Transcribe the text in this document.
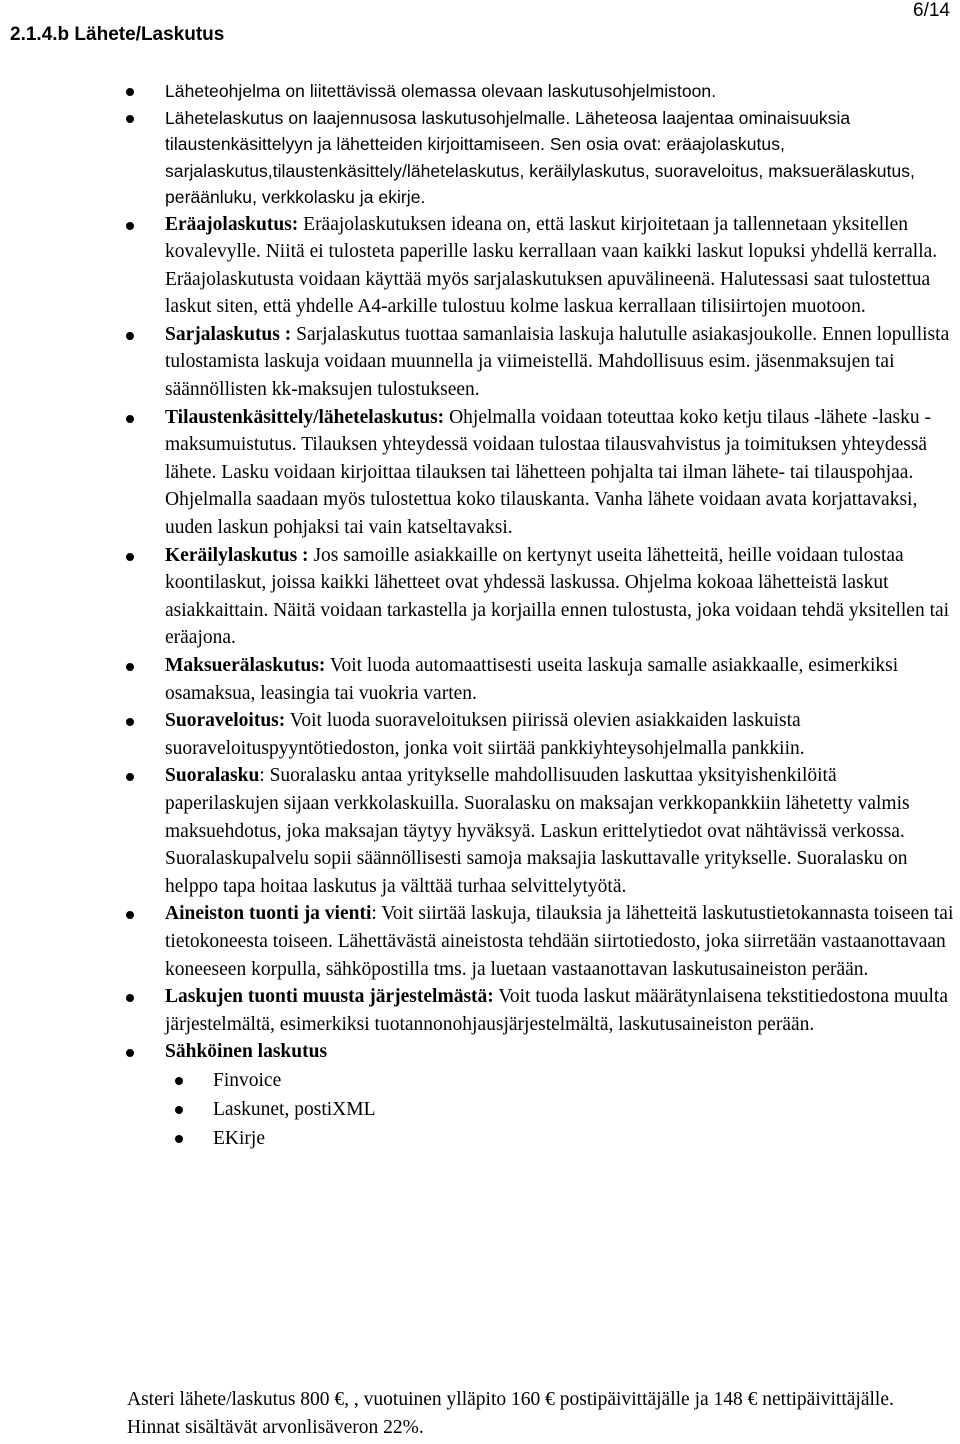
6/14
2.1.4.b Lähete/Laskutus
Läheteohjelma on liitettävissä olemassa olevaan laskutusohjelmistoon.
Lähetelaskutus on laajennusosa laskutusohjelmalle. Läheteosa laajentaa ominaisuuksia tilaustenkäsittelyyn ja lähetteiden kirjoittamiseen. Sen osia ovat: eräajolaskutus, sarjalaskutus,tilaustenkäsittely/lähetelaskutus, keräilylaskutus, suoraveloitus, maksuerälaskutus, peräänluku, verkkolasku ja ekirje.
Eräajolaskutus: Eräajolaskutuksen ideana on, että laskut kirjoitetaan ja tallennetaan yksitellen kovalevylle. Niitä ei tulosteta paperille lasku kerrallaan vaan kaikki laskut lopuksi yhdellä kerralla. Eräajolaskutusta voidaan käyttää myös sarjalaskutuksen apuvälineenä. Halutessasi saat tulostettua laskut siten, että yhdelle A4-arkille tulostuu kolme laskua kerrallaan tilisiirtojen muotoon.
Sarjalaskutus : Sarjalaskutus tuottaa samanlaisia laskuja halutulle asiakasjoukolle. Ennen lopullista tulostamista laskuja voidaan muunnella ja viimeistellä. Mahdollisuus esim. jäsenmaksujen tai säännöllisten kk-maksujen tulostukseen.
Tilaustenkäsittely/lähetelaskutus: Ohjelmalla voidaan toteuttaa koko ketju tilaus -lähete -lasku -maksumuistutus. Tilauksen yhteydessä voidaan tulostaa tilausvahvistus ja toimituksen yhteydessä lähete. Lasku voidaan kirjoittaa tilauksen tai lähetteen pohjalta tai ilman lähete- tai tilauspohjaa. Ohjelmalla saadaan myös tulostettua koko tilauskanta. Vanha lähete voidaan avata korjattavaksi, uuden laskun pohjaksi tai vain katseltavaksi.
Keräilylaskutus : Jos samoille asiakkaille on kertynyt useita lähetteitä, heille voidaan tulostaa koontilaskut, joissa kaikki lähetteet ovat yhdessä laskussa. Ohjelma kokoaa lähetteistä laskut asiakkaittain. Näitä voidaan tarkastella ja korjailla ennen tulostusta, joka voidaan tehdä yksitellen tai eräajona.
Maksuerälaskutus: Voit luoda automaattisesti useita laskuja samalle asiakkaalle, esimerkiksi osamaksua, leasingia tai vuokria varten.
Suoraveloitus: Voit luoda suoraveloituksen piirissä olevien asiakkaiden laskuista suoraveloituspyyntötiedoston, jonka voit siirtää pankkiyhteysohjelmalla pankkiin.
Suoralasku: Suoralasku antaa yritykselle mahdollisuuden laskuttaa yksityishenkilöitä paperilaskujen sijaan verkkolaskuilla. Suoralasku on maksajan verkkopankkiin lähetetty valmis maksuehdotus, joka maksajan täytyy hyväksyä. Laskun erittelytiedot ovat nähtävissä verkossa. Suoralaskupalvelu sopii säännöllisesti samoja maksajia laskuttavalle yritykselle. Suoralasku on helppo tapa hoitaa laskutus ja välttää turhaa selvittelytyötä.
Aineiston tuonti ja vienti: Voit siirtää laskuja, tilauksia ja lähetteitä laskutustietokannasta toiseen tai tietokoneesta toiseen. Lähettävästä aineistosta tehdään siirtotiedosto, joka siirretään vastaanottavaan koneeseen korpulla, sähköpostilla tms. ja luetaan vastaanottavan laskutusaineiston perään.
Laskujen tuonti muusta järjestelmästä: Voit tuoda laskut määrätynlaisena tekstitiedostona muulta järjestelmältä, esimerkiksi tuotannonohjausjärjestelmältä, laskutusaineiston perään.
Sähköinen laskutus
Finvoice
Laskunet, postiXML
EKirje
Asteri lähete/laskutus 800 €, , vuotuinen ylläpito 160 € postipäivittäjälle ja 148 € nettipäivittäjälle. Hinnat sisältävät arvonlisäveron 22%.
